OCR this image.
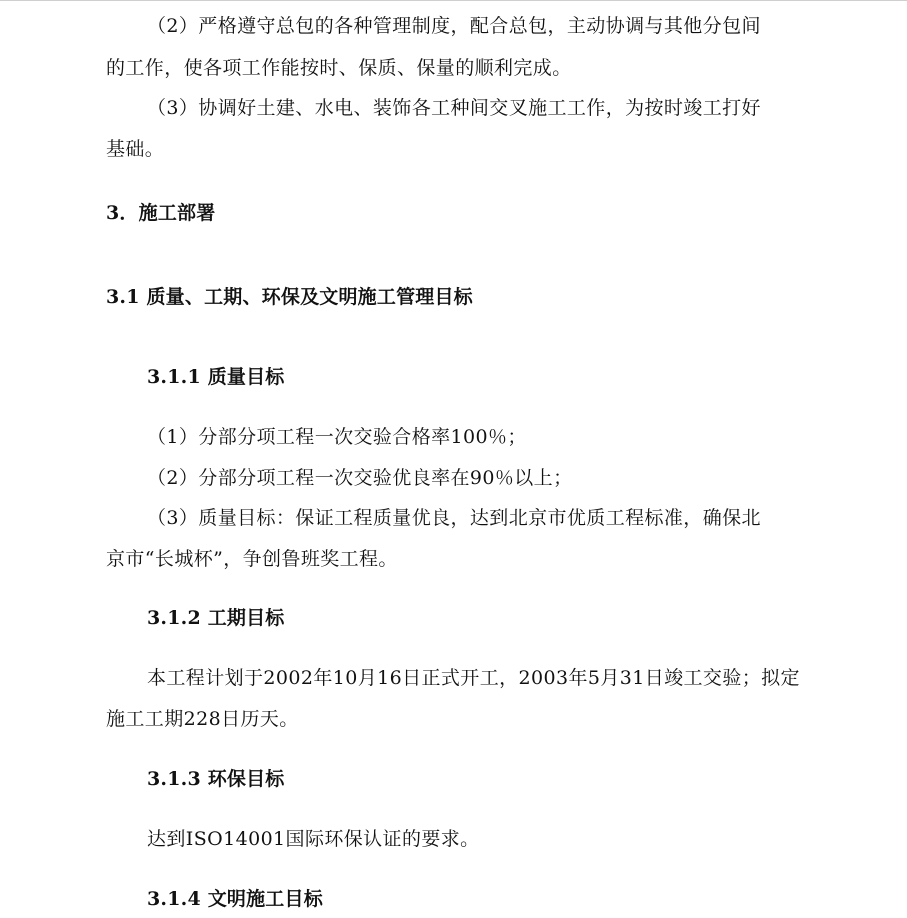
（2）严格遵守总包的各种管理制度，配合总包，主动协调与其他分包间
的工作，使各项工作能按时、保质、保量的顺利完成。
（3）协调好土建、水电、装饰各工种间交叉施工工作，为按时竣工打好
基础。
3．施工部署
3.1 质量、工期、环保及文明施工管理目标
3.1.1 质量目标
（1）分部分项工程一次交验合格率100％；
（2）分部分项工程一次交验优良率在90％以上；
（3）质量目标：保证工程质量优良，达到北京市优质工程标准，确保北
京市“长城杯”，争创鲁班奖工程。
3.1.2 工期目标
本工程计划于2002年10月16日正式开工，2003年5月31日竣工交验；拟定
施工工期228日历天。
3.1.3 环保目标
达到ISO14001国际环保认证的要求。
3.1.4 文明施工目标
